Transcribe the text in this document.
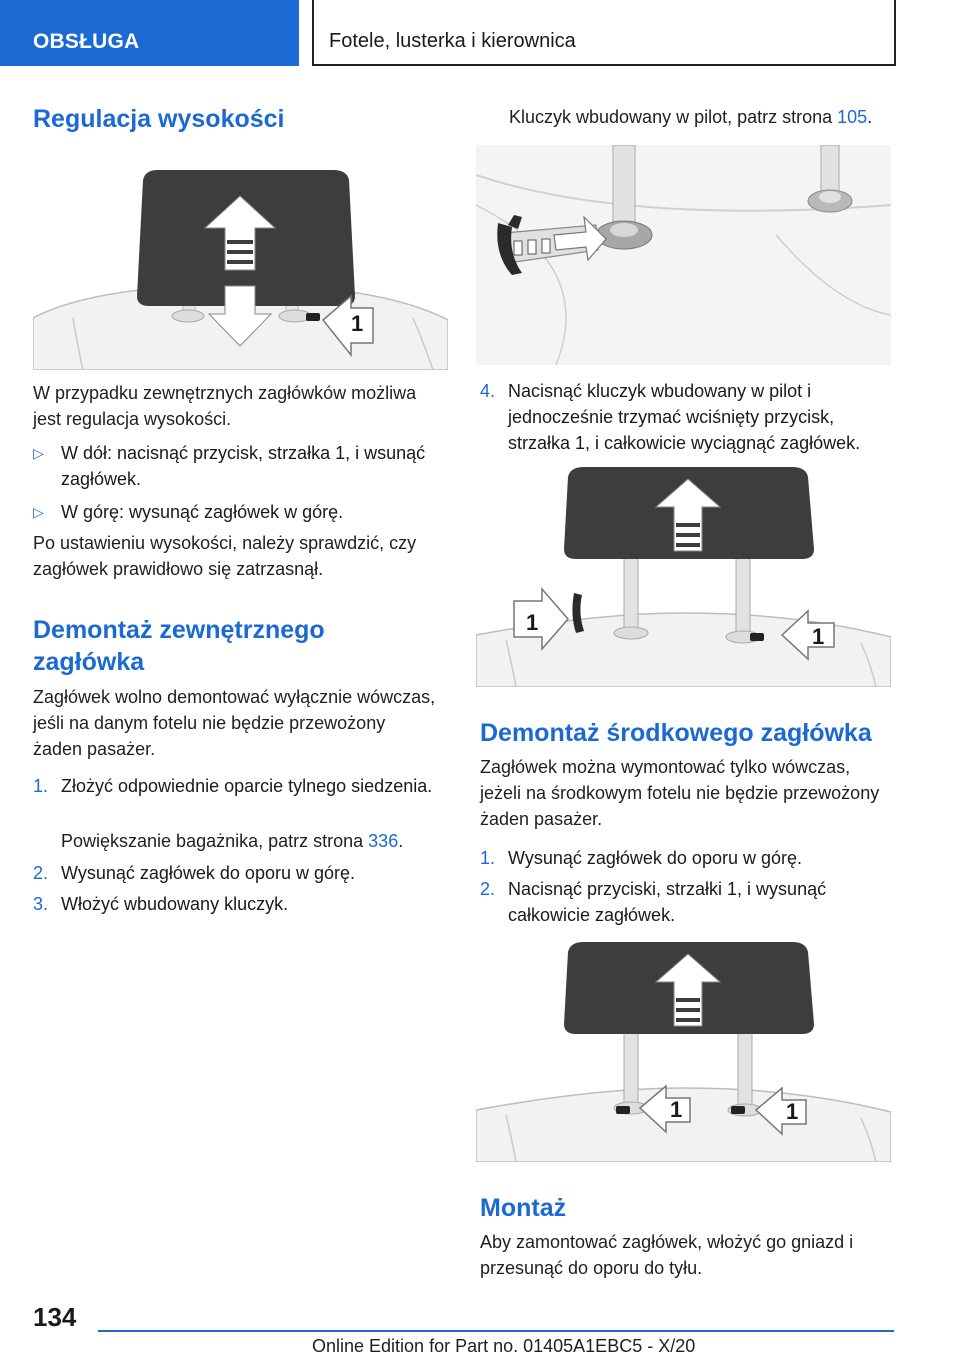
OBSŁUGA	Fotele, lusterka i kierownica
Regulacja wysokości
1

W przypadku zewnętrznych zagłówków możliwa jest regulacja wysokości.

▷ W dół: nacisnąć przycisk, strzałka 1, i wsunąć zagłówek.
▷ W górę: wysunąć zagłówek w górę.

Po ustawieniu wysokości, należy sprawdzić, czy zagłówek prawidłowo się zatrzasnął.

Demontaż zewnętrznego zagłówka

Zagłówek wolno demontować wyłącznie wówczas, jeśli na danym fotelu nie będzie przewożony żaden pasażer.

1. Złożyć odpowiednie oparcie tylnego siedzenia.

Powiększanie bagażnika, patrz strona 336.

2. Wysunąć zagłówek do oporu w górę.
3. Włożyć wbudowany kluczyk.

Kluczyk wbudowany w pilot, patrz strona 105.

4. Nacisnąć kluczyk wbudowany w pilot i jednocześnie trzymać wciśnięty przycisk, strzałka 1, i całkowicie wyciągnąć zagłówek.
1
1
Demontaż środkowego zagłówka

Zagłówek można wymontować tylko wówczas, jeżeli na środkowym fotelu nie będzie przewożony żaden pasażer.

1. Wysunąć zagłówek do oporu w górę.
2. Nacisnąć przyciski, strzałki 1, i wysunąć całkowicie zagłówek.
1	1
Montaż

Aby zamontować zagłówek, włożyć go gniazd i przesunąć do oporu do tyłu.

134
Online Edition for Part no. 01405A1EBC5 - X/20
